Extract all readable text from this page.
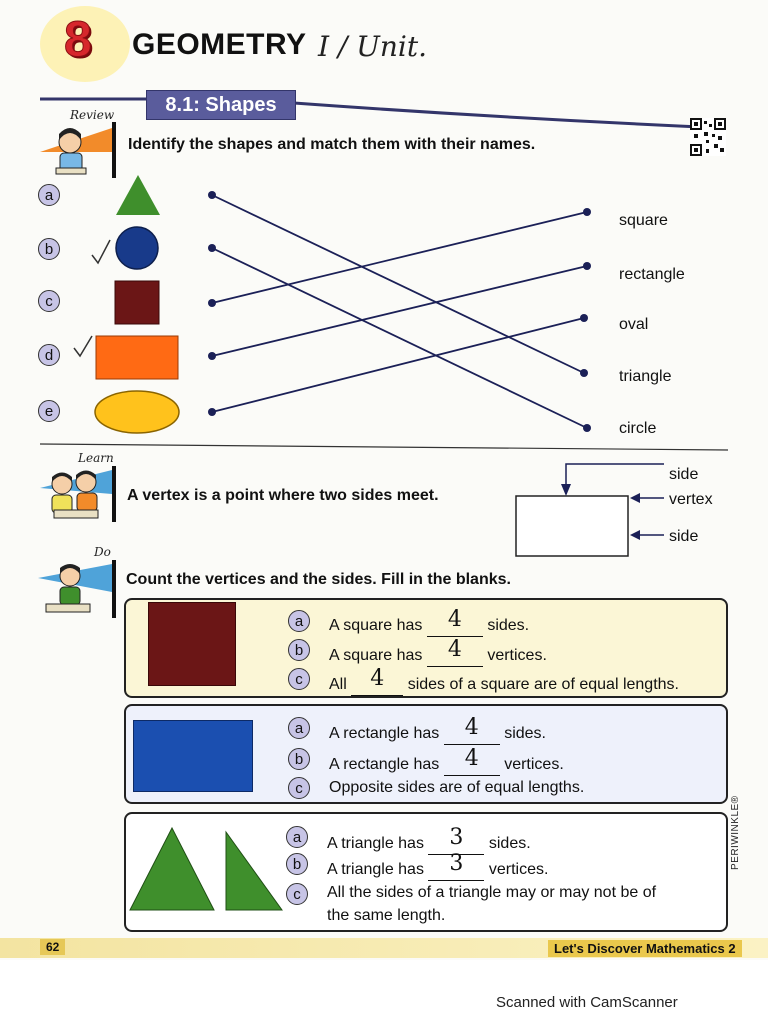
8 GEOMETRY I / Unit.
8.1: Shapes
Review
Identify the shapes and match them with their names.
a
b
c
d
e
square
rectangle
oval
triangle
circle
Learn
A vertex is a point where two sides meet.
side
vertex
side
Do
Count the vertices and the sides. Fill in the blanks.
a
b
c
A square has 4 sides.
A square has 4 vertices.
All 4 sides of a square are of equal lengths.
a
b
c
A rectangle has 4 sides.
A rectangle has 4 vertices.
Opposite sides are of equal lengths.
a
b
c
A triangle has 3 sides.
A triangle has 3 vertices.
All the sides of a triangle may or may not be of
the same length.
PERIWINKLE®
62	Let's Discover Mathematics 2
Scanned with CamScanner
